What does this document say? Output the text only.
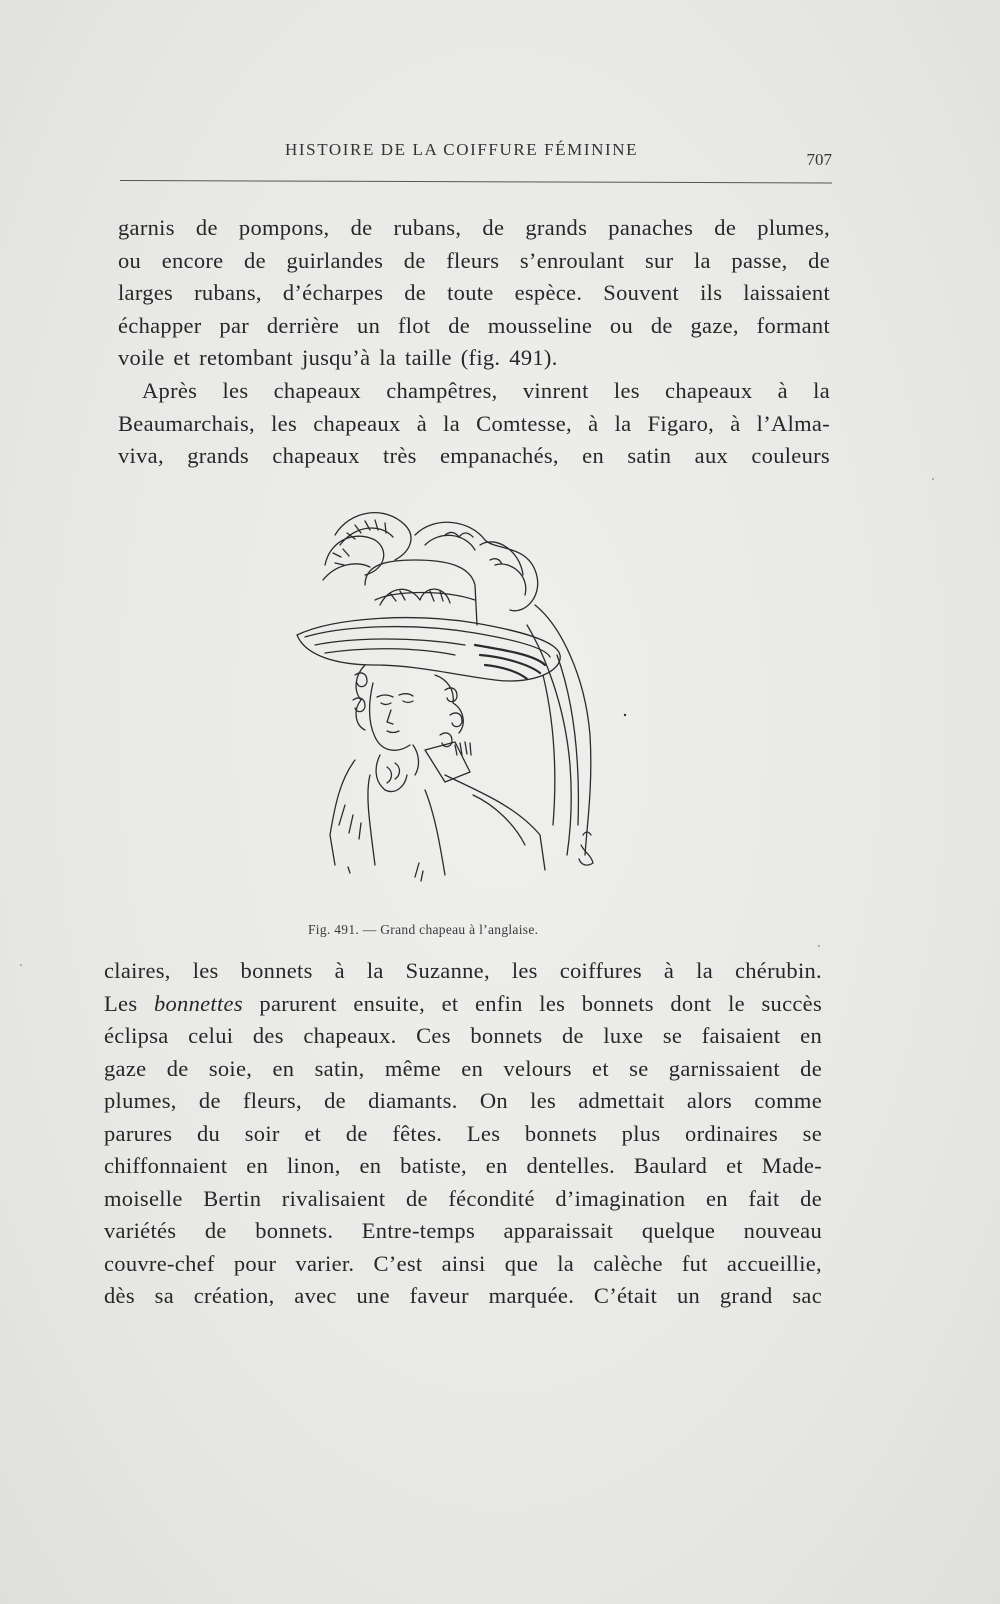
HISTOIRE DE LA COIFFURE FÉMININE
707
garnis de pompons, de rubans, de grands panaches de plumes,
ou encore de guirlandes de fleurs s’enroulant sur la passe, de
larges rubans, d’écharpes de toute espèce. Souvent ils laissaient
échapper par derrière un flot de mousseline ou de gaze, formant
voile et retombant jusqu’à la taille (fig. 491).
Après les chapeaux champêtres, vinrent les chapeaux à la
Beaumarchais, les chapeaux à la Comtesse, à la Figaro, à l’Alma-
viva, grands chapeaux très empanachés, en satin aux couleurs
Fig. 491. — Grand chapeau à l’anglaise.
claires, les bonnets à la Suzanne, les coiffures à la chérubin.
Les bonnettes parurent ensuite, et enfin les bonnets dont le succès
éclipsa celui des chapeaux. Ces bonnets de luxe se faisaient en
gaze de soie, en satin, même en velours et se garnissaient de
plumes, de fleurs, de diamants. On les admettait alors comme
parures du soir et de fêtes. Les bonnets plus ordinaires se
chiffonnaient en linon, en batiste, en dentelles. Baulard et Made-
moiselle Bertin rivalisaient de fécondité d’imagination en fait de
variétés de bonnets. Entre-temps apparaissait quelque nouveau
couvre-chef pour varier. C’est ainsi que la calèche fut accueillie,
dès sa création, avec une faveur marquée. C’était un grand sac
